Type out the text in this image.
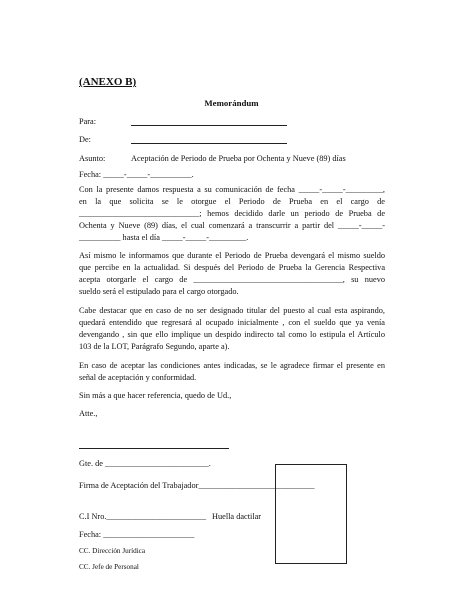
(ANEXO B)
Memorándum
Para:
De:
Asunto:	Aceptación de Periodo de Prueba por Ochenta y Nueve (89) días
Fecha: _____-_____-__________.
Con la presente damos respuesta a su comunicación de fecha _____-_____-_________,
en la que solicita se le otorgue el Periodo de Prueba en el cargo de
_____________________________; hemos decidido darle un periodo de Prueba de
Ochenta y Nueve (89) días, el cual comenzará a transcurrir a partir del _____-_____-
__________ hasta el día _____-_____-_________.
Así mismo le informamos que durante el Periodo de Prueba devengará el mismo sueldo
que percibe en la actualidad. Si después del Periodo de Prueba la Gerencia Respectiva
acepta otorgarle el cargo de ____________________________________, su nuevo
sueldo será el estipulado para el cargo otorgado.
Cabe destacar que en caso de no ser designado titular del puesto al cual esta aspirando,
quedará entendido que regresará al ocupado inicialmente , con el sueldo que ya venía
devengando , sin que ello implique un despido indirecto tal como lo estipula el Artículo
103 de la LOT, Parágrafo Segundo, aparte a).
En caso de aceptar las condiciones antes indicadas, se le agradece firmar el presente en
señal de aceptación y conformidad.
Sin más a que hacer referencia, quedo de Ud.,
Atte.,
Gte. de _________________________.
Firma de Aceptación del Trabajador____________________________
C.I Nro.________________________ Huella dactilar
Fecha: ______________________
CC. Dirección Jurídica
CC. Jefe de Personal
